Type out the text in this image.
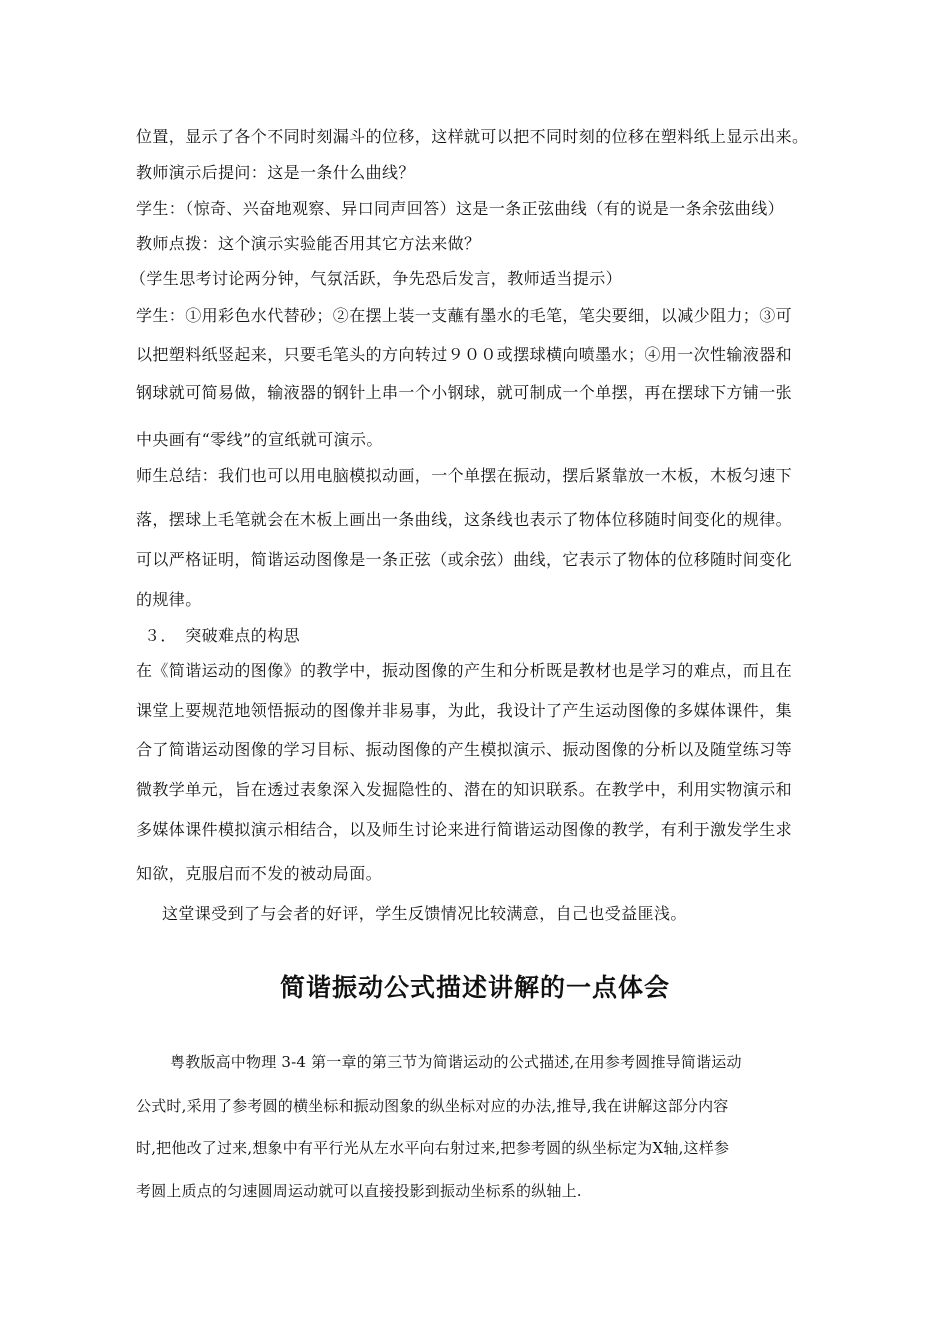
位置，显示了各个不同时刻漏斗的位移，这样就可以把不同时刻的位移在塑料纸上显示出来。
教师演示后提问：这是一条什么曲线？
学生：（惊奇、兴奋地观察、异口同声回答）这是一条正弦曲线（有的说是一条余弦曲线）
教师点拨：这个演示实验能否用其它方法来做？
（学生思考讨论两分钟，气氛活跃，争先恐后发言，教师适当提示）
学生：①用彩色水代替砂；②在摆上装一支蘸有墨水的毛笔，笔尖要细，以减少阻力；③可
以把塑料纸竖起来，只要毛笔头的方向转过９００或摆球横向喷墨水；④用一次性输液器和
钢球就可简易做，输液器的钢针上串一个小钢球，就可制成一个单摆，再在摆球下方铺一张
中央画有“零线”的宣纸就可演示。
师生总结：我们也可以用电脑模拟动画，一个单摆在振动，摆后紧靠放一木板，木板匀速下
落，摆球上毛笔就会在木板上画出一条曲线，这条线也表示了物体位移随时间变化的规律。
可以严格证明，简谐运动图像是一条正弦（或余弦）曲线，它表示了物体的位移随时间变化
的规律。
３．　突破难点的构思
在《简谐运动的图像》的教学中，振动图像的产生和分析既是教材也是学习的难点，而且在
课堂上要规范地领悟振动的图像并非易事，为此，我设计了产生运动图像的多媒体课件，集
合了简谐运动图像的学习目标、振动图像的产生模拟演示、振动图像的分析以及随堂练习等
微教学单元，旨在透过表象深入发掘隐性的、潜在的知识联系。在教学中，利用实物演示和
多媒体课件模拟演示相结合，以及师生讨论来进行简谐运动图像的教学，有利于激发学生求
知欲，克服启而不发的被动局面。
这堂课受到了与会者的好评，学生反馈情况比较满意，自己也受益匪浅。
简谐振动公式描述讲解的一点体会
粤教版高中物理 3-4 第一章的第三节为简谐运动的公式描述,在用参考圆推导简谐运动
公式时,采用了参考圆的横坐标和振动图象的纵坐标对应的办法,推导,我在讲解这部分内容
时,把他改了过来,想象中有平行光从左水平向右射过来,把参考圆的纵坐标定为X轴,这样参
考圆上质点的匀速圆周运动就可以直接投影到振动坐标系的纵轴上.
